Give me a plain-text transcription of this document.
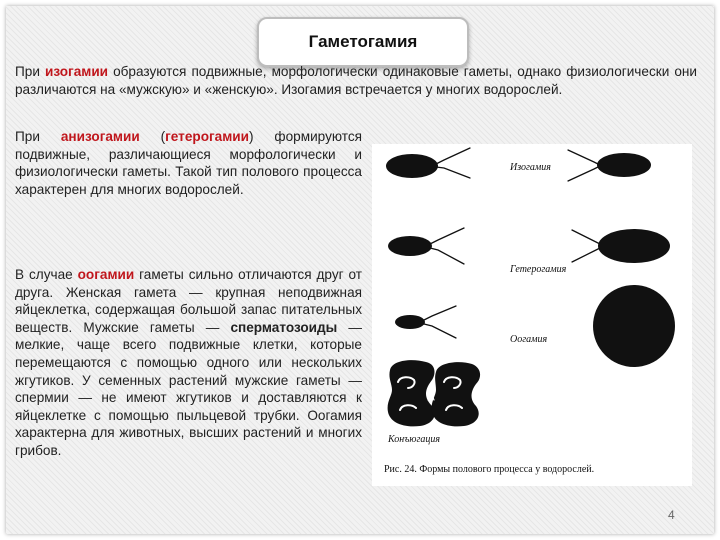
Гаметогамия
При изогамии образуются подвижные, морфологически одинаковые гаметы, однако физиологически они различаются на «мужскую» и «женскую». Изогамия встречается у многих водорослей.
При анизогамии (гетерогамии) формируются подвижные, различающиеся морфологически и физиологически гаметы. Такой тип полового процесса характерен для многих водорослей.
В случае оогамии гаметы сильно отличаются друг от друга. Женская гамета — крупная неподвижная яйцеклетка, содержащая большой запас питательных веществ. Мужские гаметы — сперматозоиды — мелкие, чаще всего подвижные клетки, которые перемещаются с помощью одного или нескольких жгутиков. У семенных растений мужские гаметы — спермии — не имеют жгутиков и доставляются к яйцеклетке с помощью пыльцевой трубки. Оогамия характерна для животных, высших растений и многих грибов.
Изогамия
Гетерогамия
Оогамия
Конъюгация
Рис. 24. Формы полового процесса у водорослей.
4
